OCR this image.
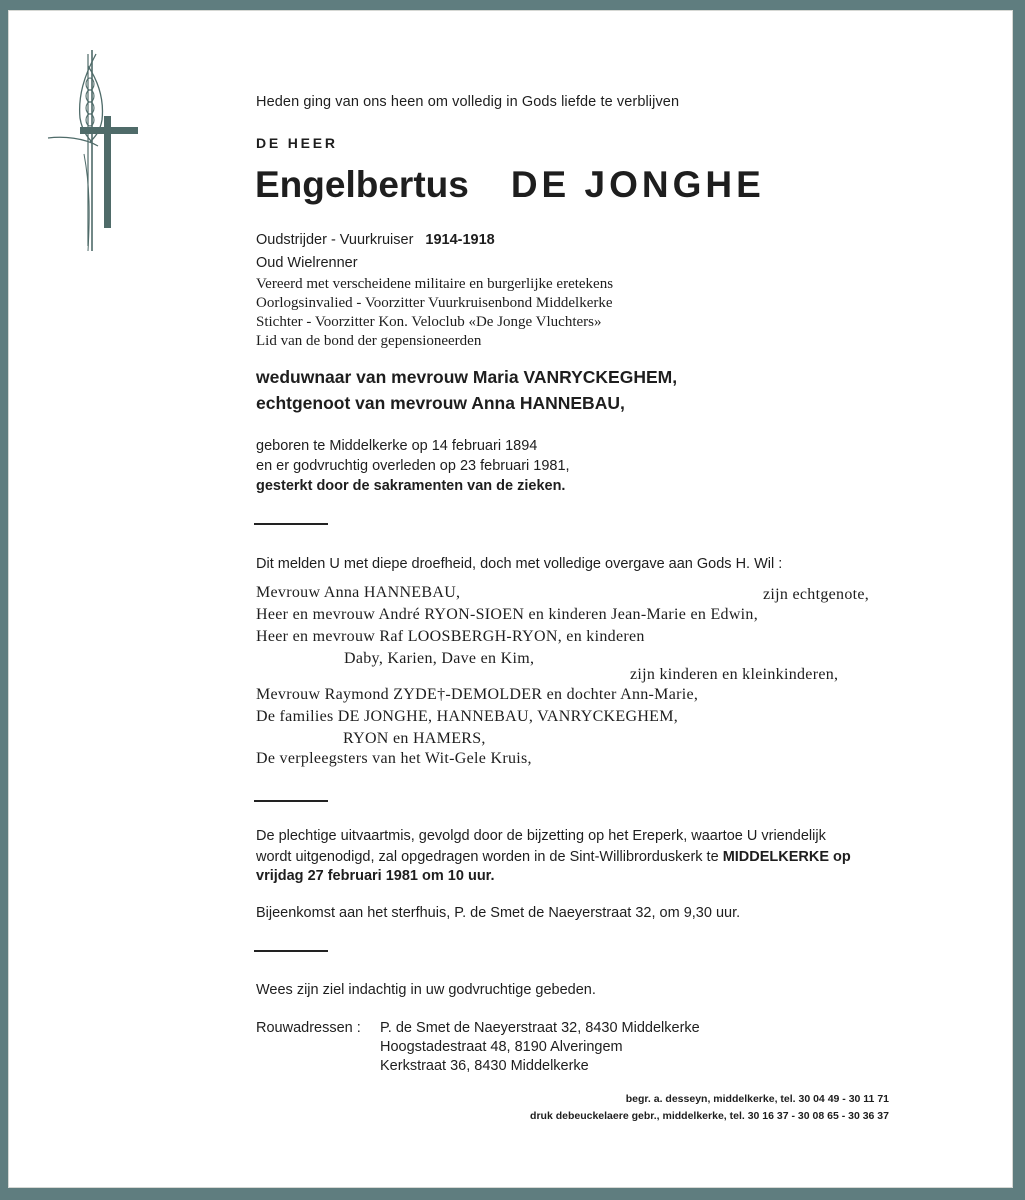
Heden ging van ons heen om volledig in Gods liefde te verblijven
DE HEER
Engelbertus DE JONGHE
Oudstrijder - Vuurkruiser 1914-1918
Oud Wielrenner
Vereerd met verscheidene militaire en burgerlijke eretekens
Oorlogsinvalied - Voorzitter Vuurkruisenbond Middelkerke
Stichter - Voorzitter Kon. Veloclub «De Jonge Vluchters»
Lid van de bond der gepensioneerden
weduwnaar van mevrouw Maria VANRYCKEGHEM,
echtgenoot van mevrouw Anna HANNEBAU,
geboren te Middelkerke op 14 februari 1894
en er godvruchtig overleden op 23 februari 1981,
gesterkt door de sakramenten van de zieken.
Dit melden U met diepe droefheid, doch met volledige overgave aan Gods H. Wil :
Mevrouw Anna HANNEBAU,	zijn echtgenote,
Heer en mevrouw André RYON-SIOEN en kinderen Jean-Marie en Edwin,
Heer en mevrouw Raf LOOSBERGH-RYON, en kinderen
Daby, Karien, Dave en Kim,
zijn kinderen en kleinkinderen,
Mevrouw Raymond ZYDE†-DEMOLDER en dochter Ann-Marie,
De families DE JONGHE, HANNEBAU, VANRYCKEGHEM,
RYON en HAMERS,
De verpleegsters van het Wit-Gele Kruis,
De plechtige uitvaartmis, gevolgd door de bijzetting op het Ereperk, waartoe U vriendelijk
wordt uitgenodigd, zal opgedragen worden in de Sint-Willibrorduskerk te MIDDELKERKE op
vrijdag 27 februari 1981 om 10 uur.
Bijeenkomst aan het sterfhuis, P. de Smet de Naeyerstraat 32, om 9,30 uur.
Wees zijn ziel indachtig in uw godvruchtige gebeden.
Rouwadressen : P. de Smet de Naeyerstraat 32, 8430 Middelkerke
Hoogstadestraat 48, 8190 Alveringem
Kerkstraat 36, 8430 Middelkerke
begr. a. desseyn, middelkerke, tel. 30 04 49 - 30 11 71
druk debeuckelaere gebr., middelkerke, tel. 30 16 37 - 30 08 65 - 30 36 37
